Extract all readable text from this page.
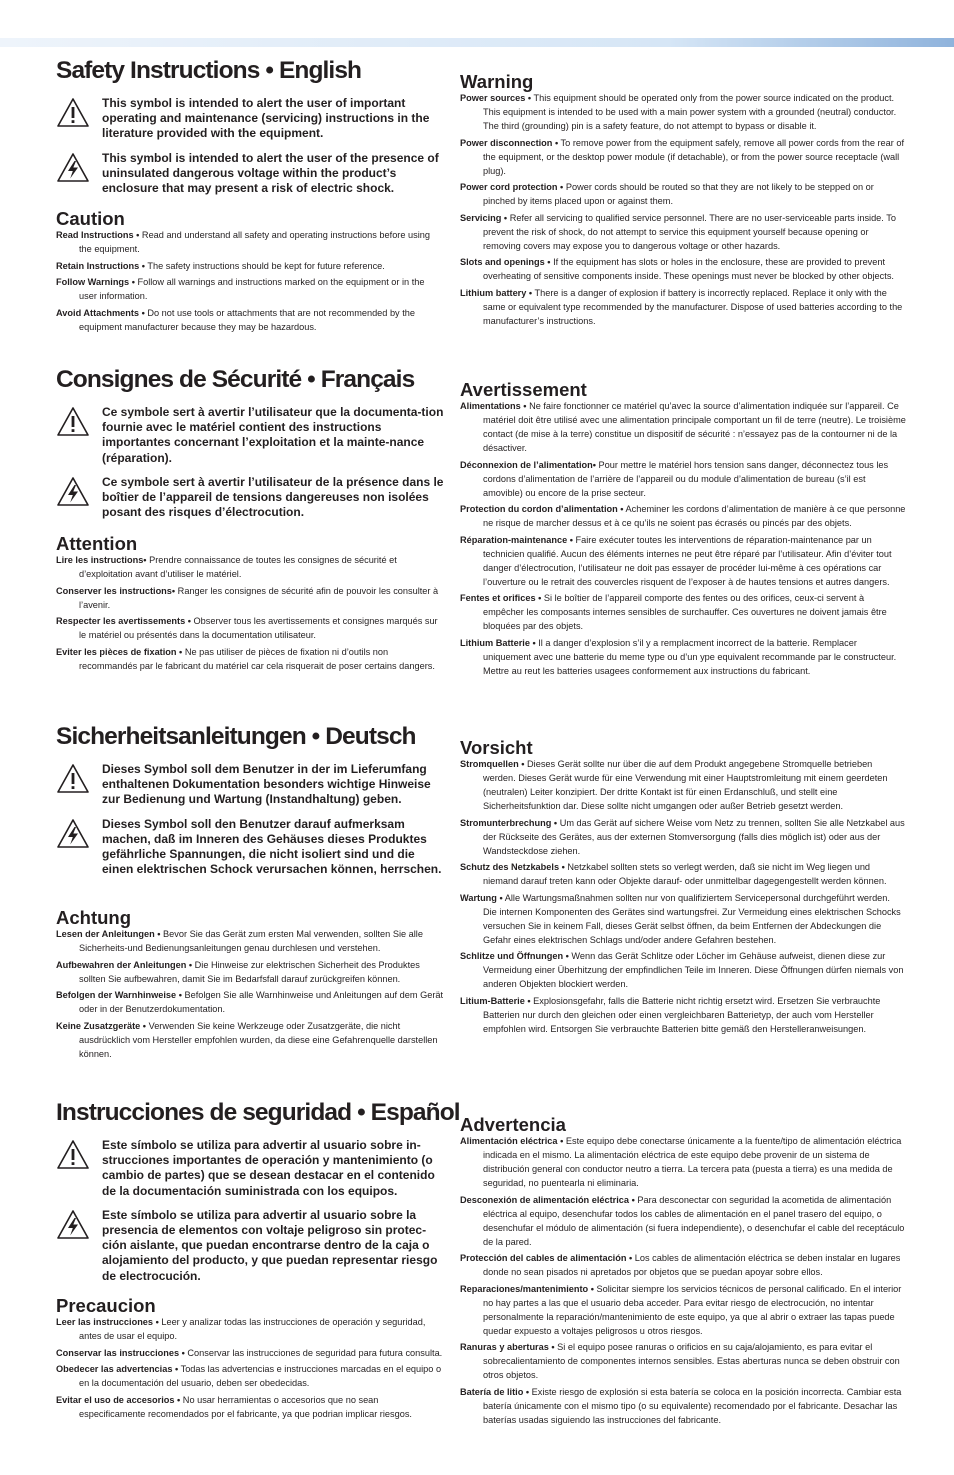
Safety Instructions • English
This symbol is intended to alert the user of important operating and maintenance (servicing) instructions in the literature provided with the equipment.
This symbol is intended to alert the user of the presence of uninsulated dangerous voltage within the product’s enclosure that may present a risk of electric shock.
Caution

Read Instructions • Read and understand all safety and operating instructions before using the equipment.

Retain Instructions • The safety instructions should be kept for future reference.

Follow Warnings • Follow all warnings and instructions marked on the equipment or in the user information.

Avoid Attachments • Do not use tools or attachments that are not recommended by the equipment manufacturer because they may be hazardous.

Consignes de Sécurité • Français
Ce symbole sert à avertir l’utilisateur que la documenta-tion fournie avec le matériel contient des instructions importantes concernant l’exploitation et la mainte-nance (réparation).
Ce symbole sert à avertir l’utilisateur de la présence dans le boîtier de l’appareil de tensions dangereuses non isolées posant des risques d’électrocution.
Attention

Lire les instructions• Prendre connaissance de toutes les consignes de sécurité et d’exploitation avant d’utiliser le matériel.

Conserver les instructions• Ranger les consignes de sécurité afin de pouvoir les consulter à l’avenir.

Respecter les avertissements • Observer tous les avertissements et consignes marqués sur le matériel ou présentés dans la documentation utilisateur.

Eviter les pièces de fixation • Ne pas utiliser de pièces de fixation ni d’outils non recommandés par le fabricant du matériel car cela risquerait de poser certains dangers.

Sicherheitsanleitungen • Deutsch
Dieses Symbol soll dem Benutzer in der im Lieferumfang enthaltenen Dokumentation besonders wichtige Hinweise zur Bedienung und Wartung (Instandhaltung) geben.
Dieses Symbol soll den Benutzer darauf aufmerksam machen, daß im Inneren des Gehäuses dieses Produktes gefährliche Spannungen, die nicht isoliert sind und die einen elektrischen Schock verursachen können, herrschen.
Achtung

Lesen der Anleitungen • Bevor Sie das Gerät zum ersten Mal verwenden, sollten Sie alle Sicherheits-und Bedienungsanleitungen genau durchlesen und verstehen.

Aufbewahren der Anleitungen • Die Hinweise zur elektrischen Sicherheit des Produktes sollten Sie aufbewahren, damit Sie im Bedarfsfall darauf zurückgreifen können.

Befolgen der Warnhinweise • Befolgen Sie alle Warnhinweise und Anleitungen auf dem Gerät oder in der Benutzerdokumentation.

Keine Zusatzgeräte • Verwenden Sie keine Werkzeuge oder Zusatzgeräte, die nicht ausdrücklich vom Hersteller empfohlen wurden, da diese eine Gefahrenquelle darstellen können.

Instrucciones de seguridad • Español
Este símbolo se utiliza para advertir al usuario sobre in-strucciones importantes de operación y mantenimiento (o cambio de partes) que se desean destacar en el contenido de la documentación suministrada con los equipos.
Este símbolo se utiliza para advertir al usuario sobre la presencia de elementos con voltaje peligroso sin protec-ción aislante, que puedan encontrarse dentro de la caja o alojamiento del producto, y que puedan representar riesgo de electrocución.
Precaucion

Leer las instrucciones • Leer y analizar todas las instrucciones de operación y seguridad, antes de usar el equipo.

Conservar las instrucciones • Conservar las instrucciones de seguridad para futura consulta.

Obedecer las advertencias • Todas las advertencias e instrucciones marcadas en el equipo o en la documentación del usuario, deben ser obedecidas.

Evitar el uso de accesorios • No usar herramientas o accesorios que no sean especificamente recomendados por el fabricante, ya que podrian implicar riesgos.

Warning

Power sources • This equipment should be operated only from the power source indicated on the product. This equipment is intended to be used with a main power system with a grounded (neutral) conductor. The third (grounding) pin is a safety feature, do not attempt to bypass or disable it.

Power disconnection • To remove power from the equipment safely, remove all power cords from the rear of the equipment, or the desktop power module (if detachable), or from the power source receptacle (wall plug).

Power cord protection • Power cords should be routed so that they are not likely to be stepped on or pinched by items placed upon or against them.

Servicing • Refer all servicing to qualified service personnel. There are no user-serviceable parts inside. To prevent the risk of shock, do not attempt to service this equipment yourself because opening or removing covers may expose you to dangerous voltage or other hazards.

Slots and openings • If the equipment has slots or holes in the enclosure, these are provided to prevent overheating of sensitive components inside. These openings must never be blocked by other objects.

Lithium battery • There is a danger of explosion if battery is incorrectly replaced. Replace it only with the same or equivalent type recommended by the manufacturer. Dispose of used batteries according to the manufacturer’s instructions.

Avertissement

Alimentations • Ne faire fonctionner ce matériel qu’avec la source d’alimentation indiquée sur l’appareil. Ce matériel doit être utilisé avec une alimentation principale comportant un fil de terre (neutre). Le troisième contact (de mise à la terre) constitue un dispositif de sécurité : n’essayez pas de la contourner ni de la désactiver.

Déconnexion de l’alimentation• Pour mettre le matériel hors tension sans danger, déconnectez tous les cordons d’alimentation de l’arrière de l’appareil ou du module d’alimentation de bureau (s’il est amovible) ou encore de la prise secteur.

Protection du cordon d’alimentation • Acheminer les cordons d’alimentation de manière à ce que personne ne risque de marcher dessus et à ce qu’ils ne soient pas écrasés ou pincés par des objets.

Réparation-maintenance • Faire exécuter toutes les interventions de réparation-maintenance par un technicien qualifié. Aucun des éléments internes ne peut être réparé par l’utilisateur. Afin d’éviter tout danger d’électrocution, l’utilisateur ne doit pas essayer de procéder lui-même à ces opérations car l’ouverture ou le retrait des couvercles risquent de l’exposer à de hautes tensions et autres dangers.

Fentes et orifices • Si le boîtier de l’appareil comporte des fentes ou des orifices, ceux-ci servent à empêcher les composants internes sensibles de surchauffer. Ces ouvertures ne doivent jamais être bloquées par des objets.

Lithium Batterie • Il a danger d’explosion s’il y a remplacment incorrect de la batterie. Remplacer uniquement avec une batterie du meme type ou d’un ype equivalent recommande par le constructeur. Mettre au reut les batteries usagees conformement aux instructions du fabricant.

Vorsicht

Stromquellen • Dieses Gerät sollte nur über die auf dem Produkt angegebene Stromquelle betrieben werden. Dieses Gerät wurde für eine Verwendung mit einer Hauptstromleitung mit einem geerdeten (neutralen) Leiter konzipiert. Der dritte Kontakt ist für einen Erdanschluß, und stellt eine Sicherheitsfunktion dar. Diese sollte nicht umgangen oder außer Betrieb gesetzt werden.

Stromunterbrechung • Um das Gerät auf sichere Weise vom Netz zu trennen, sollten Sie alle Netzkabel aus der Rückseite des Gerätes, aus der externen Stomversorgung (falls dies möglich ist) oder aus der Wandsteckdose ziehen.

Schutz des Netzkabels • Netzkabel sollten stets so verlegt werden, daß sie nicht im Weg liegen und niemand darauf treten kann oder Objekte darauf- oder unmittelbar dagegengestellt werden können.

Wartung • Alle Wartungsmaßnahmen sollten nur von qualifiziertem Servicepersonal durchgeführt werden. Die internen Komponenten des Gerätes sind wartungsfrei. Zur Vermeidung eines elektrischen Schocks versuchen Sie in keinem Fall, dieses Gerät selbst öffnen, da beim Entfernen der Abdeckungen die Gefahr eines elektrischen Schlags und/oder andere Gefahren bestehen.

Schlitze und Öffnungen • Wenn das Gerät Schlitze oder Löcher im Gehäuse aufweist, dienen diese zur Vermeidung einer Überhitzung der empfindlichen Teile im Inneren. Diese Öffnungen dürfen niemals von anderen Objekten blockiert werden.

Litium-Batterie • Explosionsgefahr, falls die Batterie nicht richtig ersetzt wird. Ersetzen Sie verbrauchte Batterien nur durch den gleichen oder einen vergleichbaren Batterietyp, der auch vom Hersteller empfohlen wird. Entsorgen Sie verbrauchte Batterien bitte gemäß den Herstelleranweisungen.

Advertencia

Alimentación eléctrica • Este equipo debe conectarse únicamente a la fuente/tipo de alimentación eléctrica indicada en el mismo. La alimentación eléctrica de este equipo debe provenir de un sistema de distribución general con conductor neutro a tierra. La tercera pata (puesta a tierra) es una medida de seguridad, no puentearla ni eliminaria.

Desconexión de alimentación eléctrica • Para desconectar con seguridad la acometida de alimentación eléctrica al equipo, desenchufar todos los cables de alimentación en el panel trasero del equipo, o desenchufar el módulo de alimentación (si fuera independiente), o desenchufar el cable del receptáculo de la pared.

Protección del cables de alimentación • Los cables de alimentación eléctrica se deben instalar en lugares donde no sean pisados ni apretados por objetos que se puedan apoyar sobre ellos.

Reparaciones/mantenimiento • Solicitar siempre los servicios técnicos de personal calificado. En el interior no hay partes a las que el usuario deba acceder. Para evitar riesgo de electrocución, no intentar personalmente la reparación/mantenimiento de este equipo, ya que al abrir o extraer las tapas puede quedar expuesto a voltajes peligrosos u otros riesgos.

Ranuras y aberturas • Si el equipo posee ranuras o orificios en su caja/alojamiento, es para evitar el sobrecalientamiento de componentes internos sensibles. Estas aberturas nunca se deben obstruir con otros objetos.

Batería de litio • Existe riesgo de explosión si esta batería se coloca en la posición incorrecta. Cambiar esta batería únicamente con el mismo tipo (o su equivalente) recomendado por el fabricante. Desachar las baterías usadas siguiendo las instrucciones del fabricante.
